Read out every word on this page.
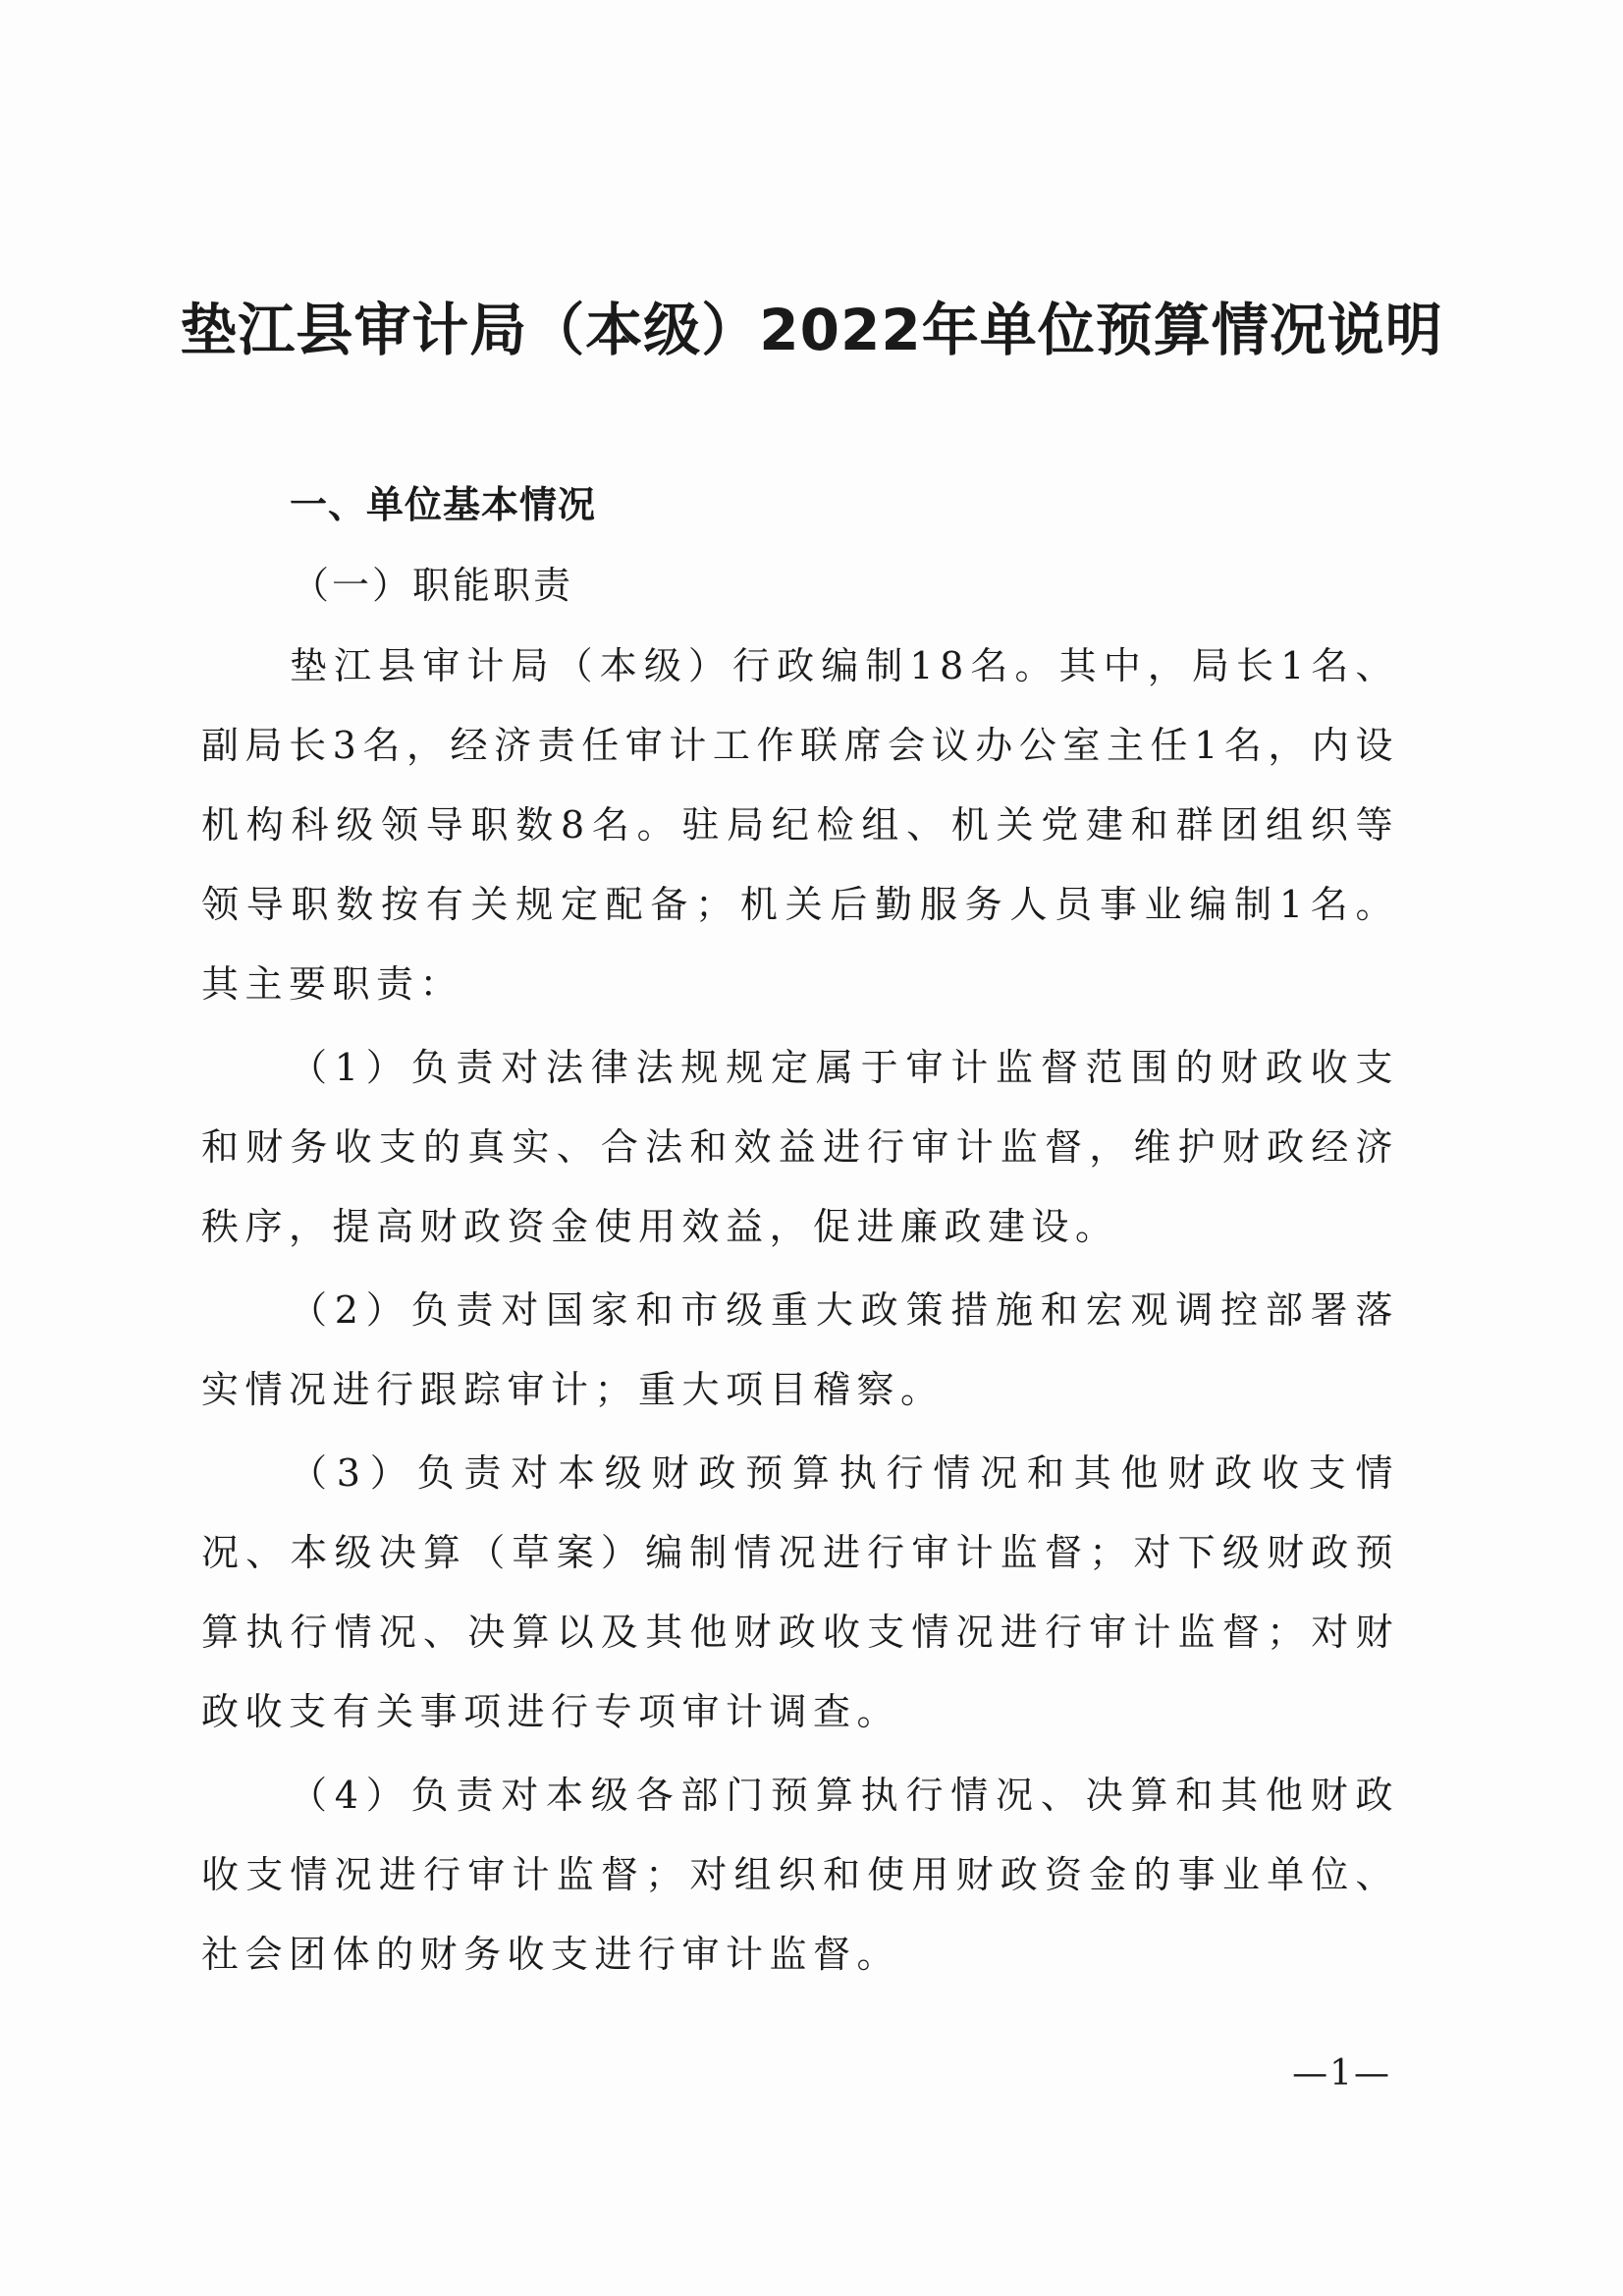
垫江县审计局（本级）2022年单位预算情况说明
一、单位基本情况
（一）职能职责

垫江县审计局（本级）行政编制18名。其中，局长1名、副局长3名，经济责任审计工作联席会议办公室主任1名，内设机构科级领导职数8名。驻局纪检组、机关党建和群团组织等领导职数按有关规定配备；机关后勤服务人员事业编制1名。其主要职责：

（1）负责对法律法规规定属于审计监督范围的财政收支和财务收支的真实、合法和效益进行审计监督，维护财政经济秩序，提高财政资金使用效益，促进廉政建设。

（2）负责对国家和市级重大政策措施和宏观调控部署落实情况进行跟踪审计；重大项目稽察。

（3）负责对本级财政预算执行情况和其他财政收支情况、本级决算（草案）编制情况进行审计监督；对下级财政预算执行情况、决算以及其他财政收支情况进行审计监督；对财政收支有关事项进行专项审计调查。

（4）负责对本级各部门预算执行情况、决算和其他财政收支情况进行审计监督；对组织和使用财政资金的事业单位、社会团体的财务收支进行审计监督。

—1—
